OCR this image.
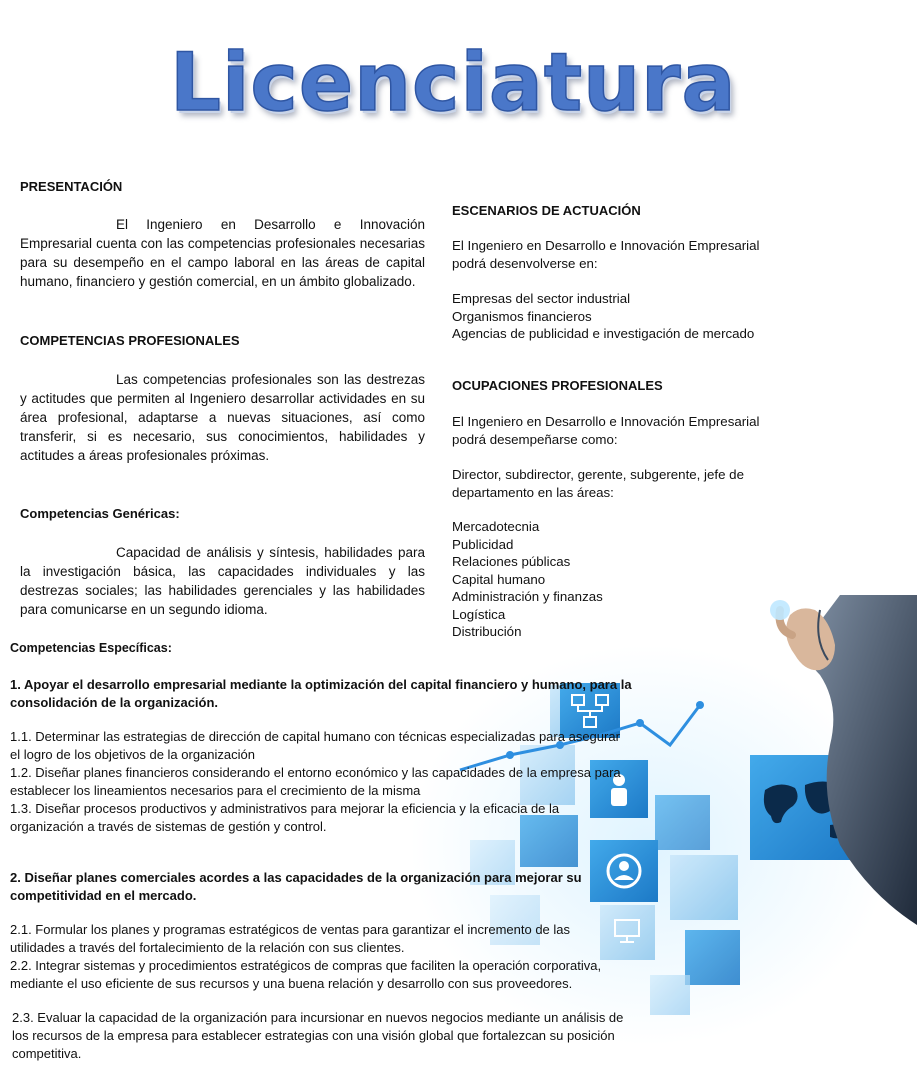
Licenciatura
PRESENTACIÓN

El Ingeniero en Desarrollo e Innovación Empresarial cuenta con las competencias profesionales necesarias para su desempeño en el campo laboral en las áreas de capital humano, financiero y gestión comercial, en un ámbito globalizado.

COMPETENCIAS PROFESIONALES

Las competencias profesionales son las destrezas y actitudes que permiten al Ingeniero desarrollar actividades en su área profesional, adaptarse a nuevas situaciones, así como transferir, si es necesario, sus conocimientos, habilidades y actitudes a áreas profesionales próximas.

Competencias Genéricas:

Capacidad de análisis y síntesis, habilidades para la investigación básica, las capacidades individuales y las destrezas sociales; las habilidades gerenciales y las habilidades para comunicarse en un segundo idioma.

ESCENARIOS DE ACTUACIÓN

El Ingeniero en Desarrollo e Innovación Empresarial podrá desenvolverse en:

Empresas del sector industrial
Organismos financieros
Agencias de publicidad e investigación de mercado
OCUPACIONES PROFESIONALES

El Ingeniero en Desarrollo e Innovación Empresarial podrá desempeñarse como:

Director, subdirector, gerente, subgerente, jefe de departamento en las áreas:

Mercadotecnia
Publicidad
Relaciones públicas
Capital humano
Administración y finanzas
Logística
Distribución
Competencias Específicas:

1. Apoyar el desarrollo empresarial mediante la optimización del capital financiero y humano, para la
consolidación de la organización.

1.1. Determinar las estrategias de dirección de capital humano con técnicas especializadas para asegurar
el logro de los objetivos de la organización
1.2. Diseñar planes financieros considerando el entorno económico y las capacidades de la empresa para
establecer los lineamientos necesarios para el crecimiento de la misma
1.3. Diseñar procesos productivos y administrativos para mejorar la eficiencia y la eficacia de la
organización a través de sistemas de gestión y control.

2. Diseñar planes comerciales acordes a las capacidades de la organización para mejorar su
competitividad en el mercado.

2.1. Formular los planes y programas estratégicos de ventas para garantizar el incremento de las
utilidades a través del fortalecimiento de la relación con sus clientes.
2.2. Integrar sistemas y procedimientos estratégicos de compras que faciliten la operación corporativa,
mediante el uso eficiente de sus recursos y una buena relación y desarrollo con sus proveedores.

2.3. Evaluar la capacidad de la organización para incursionar en nuevos negocios mediante un análisis de
los recursos de la empresa para establecer estrategias con una visión global que fortalezcan su posición
competitiva.
